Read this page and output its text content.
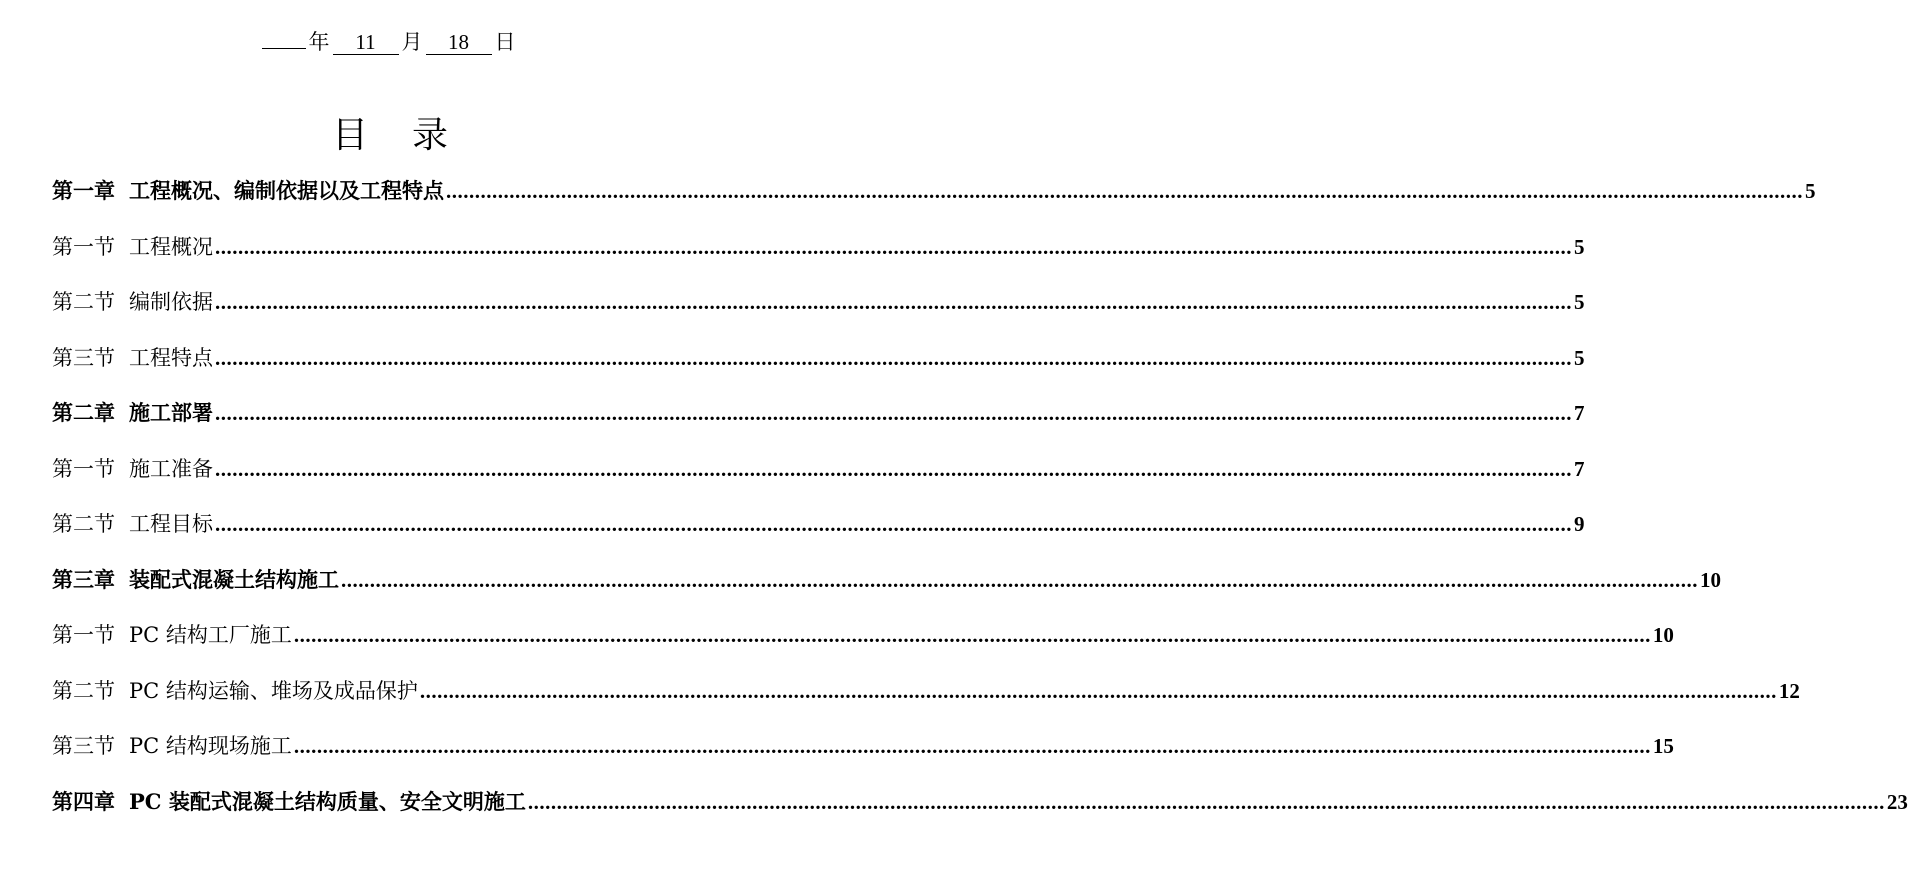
年 11 月 18 日
目录
第一章 工程概况、编制依据以及工程特点 ............................................................................................................................................................................................................................................ 5
第一节 工程概况 ............................................................................................................................................................................................................................................ 5
第二节 编制依据 ............................................................................................................................................................................................................................................ 5
第三节 工程特点 ............................................................................................................................................................................................................................................ 5
第二章 施工部署 ............................................................................................................................................................................................................................................ 7
第一节 施工准备 ............................................................................................................................................................................................................................................ 7
第二节 工程目标 ............................................................................................................................................................................................................................................ 9
第三章 装配式混凝土结构施工 ............................................................................................................................................................................................................................................ 10
第一节 PC 结构工厂施工 ............................................................................................................................................................................................................................................ 10
第二节 PC 结构运输、堆场及成品保护 ............................................................................................................................................................................................................................................ 12
第三节 PC 结构现场施工 ............................................................................................................................................................................................................................................ 15
第四章 PC 装配式混凝土结构质量、安全文明施工 ............................................................................................................................................................................................................................................ 23
